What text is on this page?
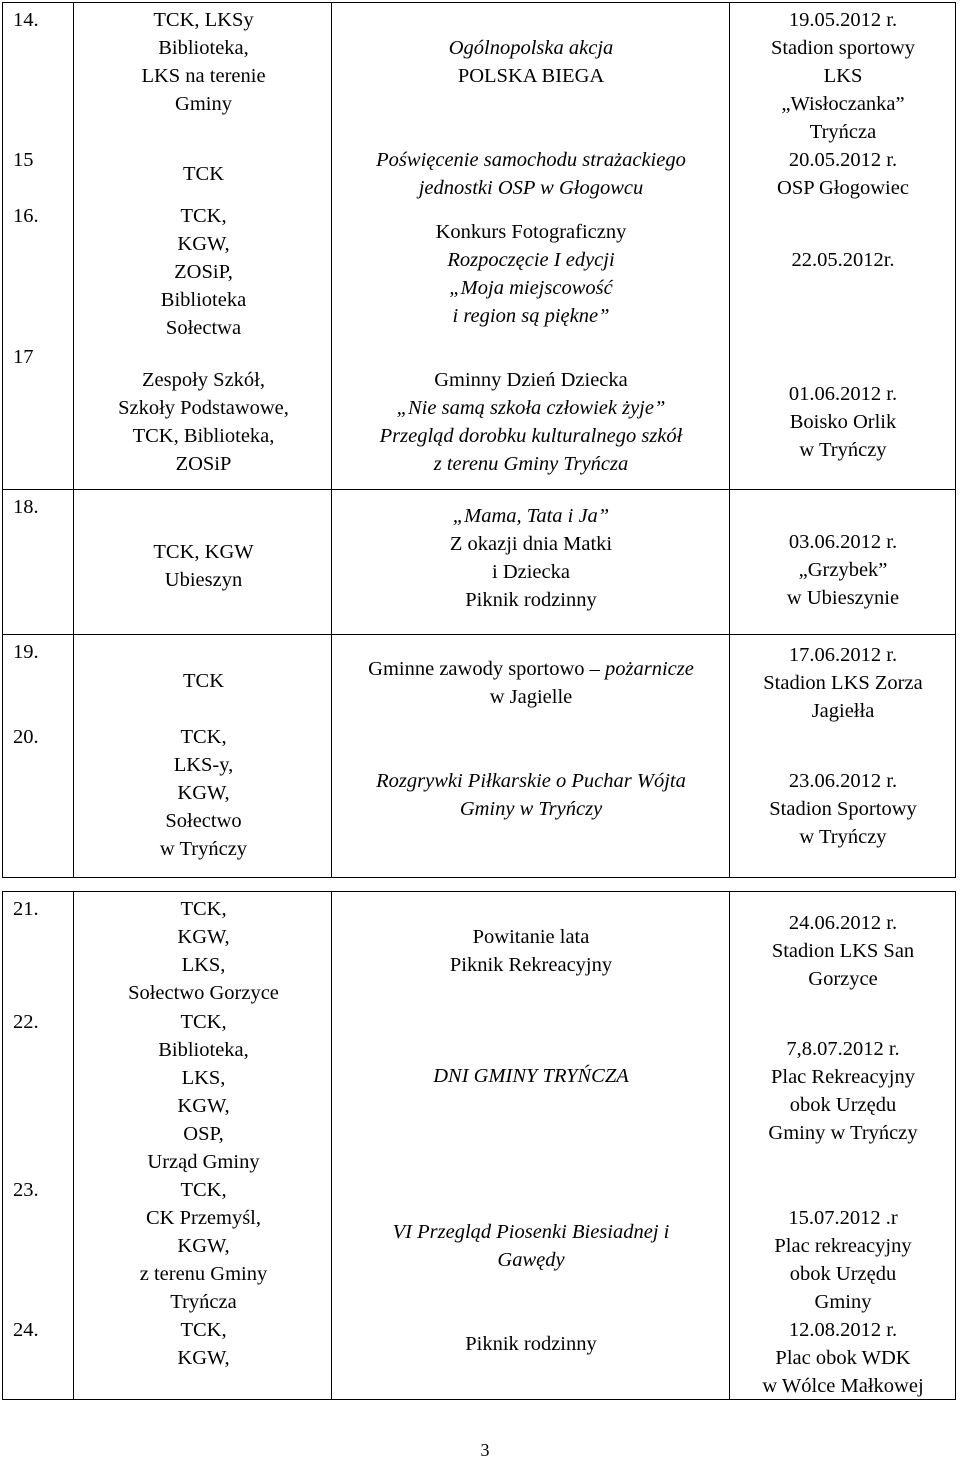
14.
15
16.
17
TCK, LKSy
Biblioteka,
LKS na terenie
Gminy
TCK
TCK,
KGW,
ZOSiP,
Biblioteka
Sołectwa
Zespoły Szkół,
Szkoły Podstawowe,
TCK, Biblioteka,
ZOSiP
Ogólnopolska akcja
POLSKA BIEGA
Poświęcenie samochodu strażackiego
jednostki OSP w Głogowcu
Konkurs Fotograficzny
Rozpoczęcie I edycji
„Moja miejscowość
i region są piękne”
Gminny Dzień Dziecka
„Nie samą szkoła człowiek żyje”
Przegląd dorobku kulturalnego szkół
z terenu Gminy Tryńcza
19.05.2012 r.
Stadion sportowy
LKS
„Wisłoczanka”
Tryńcza
20.05.2012 r.
OSP Głogowiec
22.05.2012r.
01.06.2012 r.
Boisko Orlik
w Tryńczy
18.
TCK, KGW
Ubieszyn
„Mama, Tata i Ja”
Z okazji dnia Matki
i Dziecka
Piknik rodzinny
03.06.2012 r.
„Grzybek”
w Ubieszynie
19.
20.
TCK
TCK,
LKS-y,
KGW,
Sołectwo
w Tryńczy
Gminne zawody sportowo – pożarnicze
w Jagielle
Rozgrywki Piłkarskie o Puchar Wójta
Gminy w Tryńczy
17.06.2012 r.
Stadion LKS Zorza
Jagiełła
23.06.2012 r.
Stadion Sportowy
w Tryńczy
21.
22.
23.
24.
TCK,
KGW,
LKS,
Sołectwo Gorzyce
TCK,
Biblioteka,
LKS,
KGW,
OSP,
Urząd Gminy
TCK,
CK Przemyśl,
KGW,
z terenu Gminy
Tryńcza
TCK,
KGW,
Powitanie lata
Piknik Rekreacyjny
DNI GMINY TRYŃCZA
VI Przegląd Piosenki Biesiadnej i
Gawędy
Piknik rodzinny
24.06.2012 r.
Stadion LKS San
Gorzyce
7,8.07.2012 r.
Plac Rekreacyjny
obok Urzędu
Gminy w Tryńczy
15.07.2012 .r
Plac rekreacyjny
obok Urzędu
Gminy
12.08.2012 r.
Plac obok WDK
w Wólce Małkowej
3
